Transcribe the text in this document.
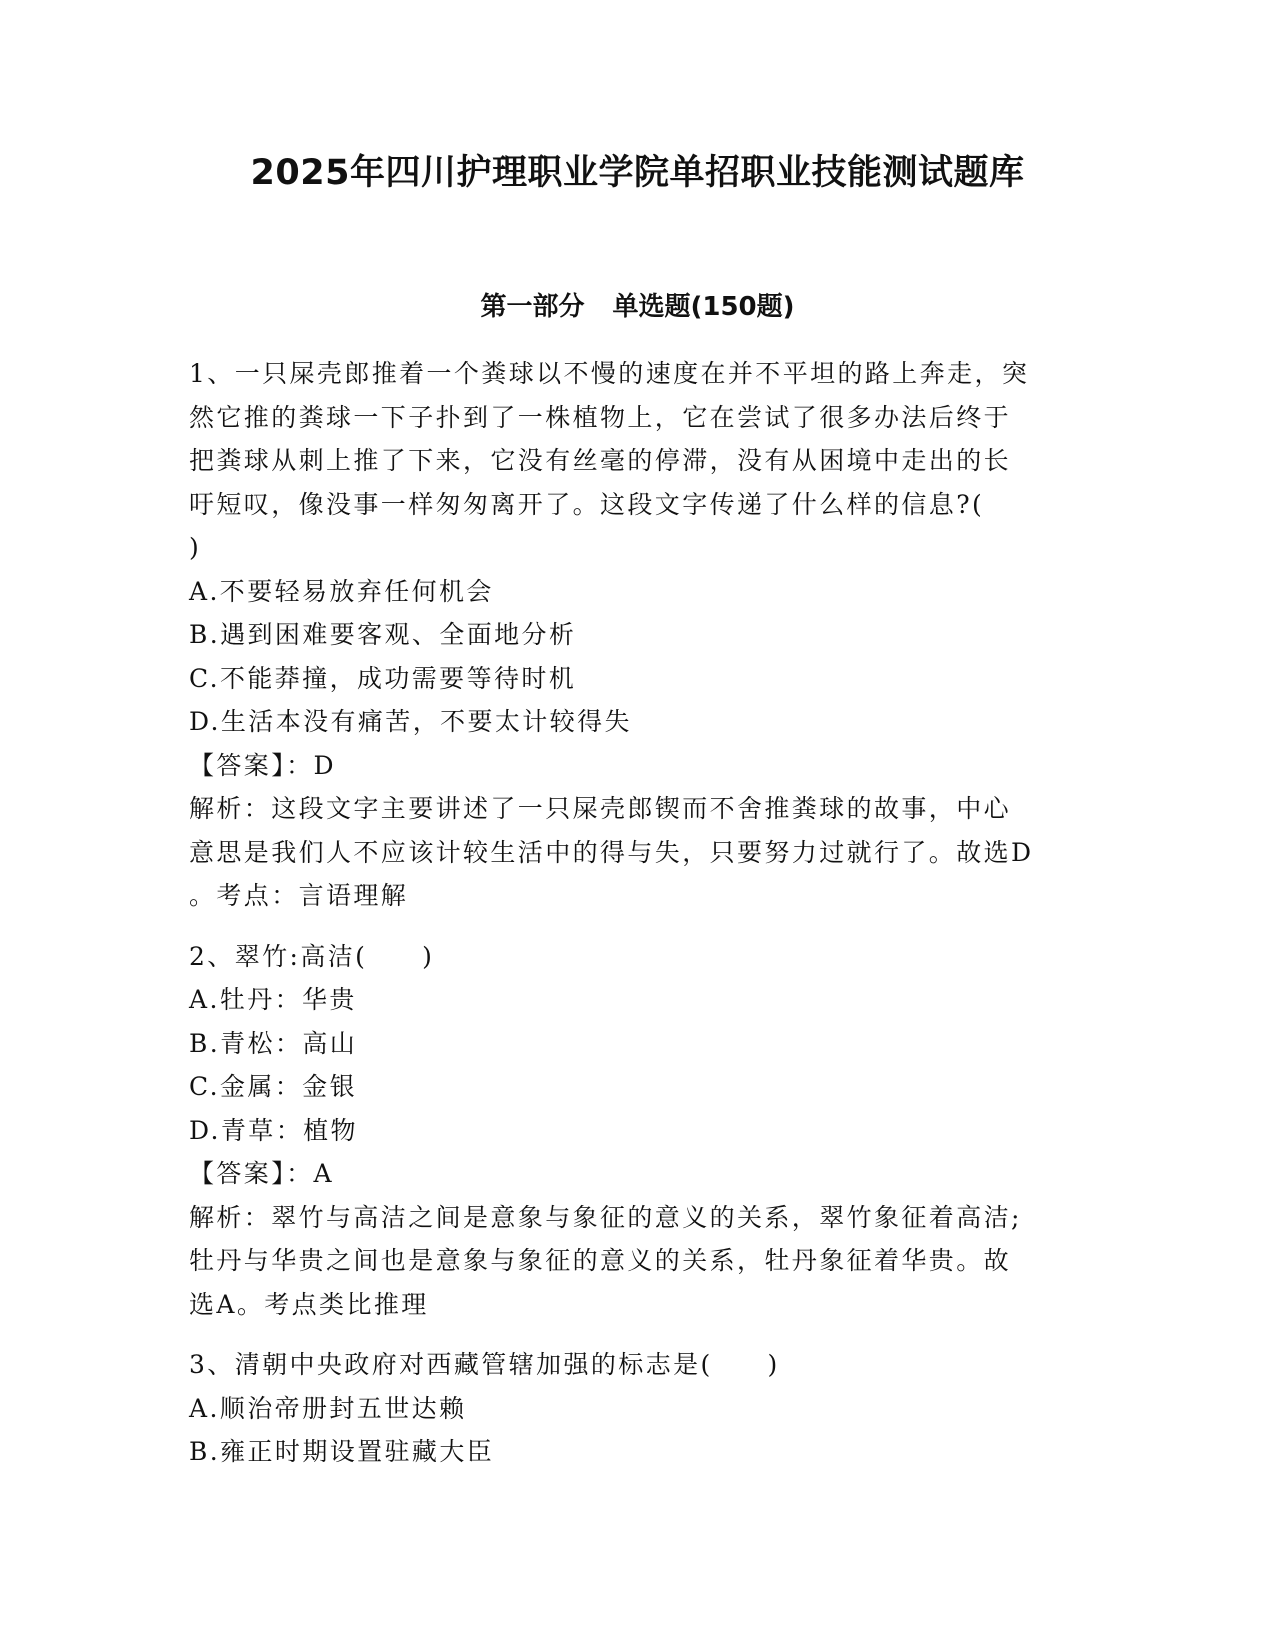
2025年四川护理职业学院单招职业技能测试题库
第一部分 单选题(150题)
1、一只屎壳郎推着一个粪球以不慢的速度在并不平坦的路上奔走，突
然它推的粪球一下子扑到了一株植物上，它在尝试了很多办法后终于
把粪球从刺上推了下来，它没有丝毫的停滞，没有从困境中走出的长
吁短叹，像没事一样匆匆离开了。这段文字传递了什么样的信息?(
)
A.不要轻易放弃任何机会
B.遇到困难要客观、全面地分析
C.不能莽撞，成功需要等待时机
D.生活本没有痛苦，不要太计较得失
【答案】：D
解析：这段文字主要讲述了一只屎壳郎锲而不舍推粪球的故事，中心
意思是我们人不应该计较生活中的得与失，只要努力过就行了。故选D
。考点：言语理解
2、翠竹:高洁(　　)
A.牡丹：华贵
B.青松：高山
C.金属：金银
D.青草：植物
【答案】：A
解析：翠竹与高洁之间是意象与象征的意义的关系，翠竹象征着高洁;
牡丹与华贵之间也是意象与象征的意义的关系，牡丹象征着华贵。故
选A。考点类比推理
3、清朝中央政府对西藏管辖加强的标志是(　　)
A.顺治帝册封五世达赖
B.雍正时期设置驻藏大臣
